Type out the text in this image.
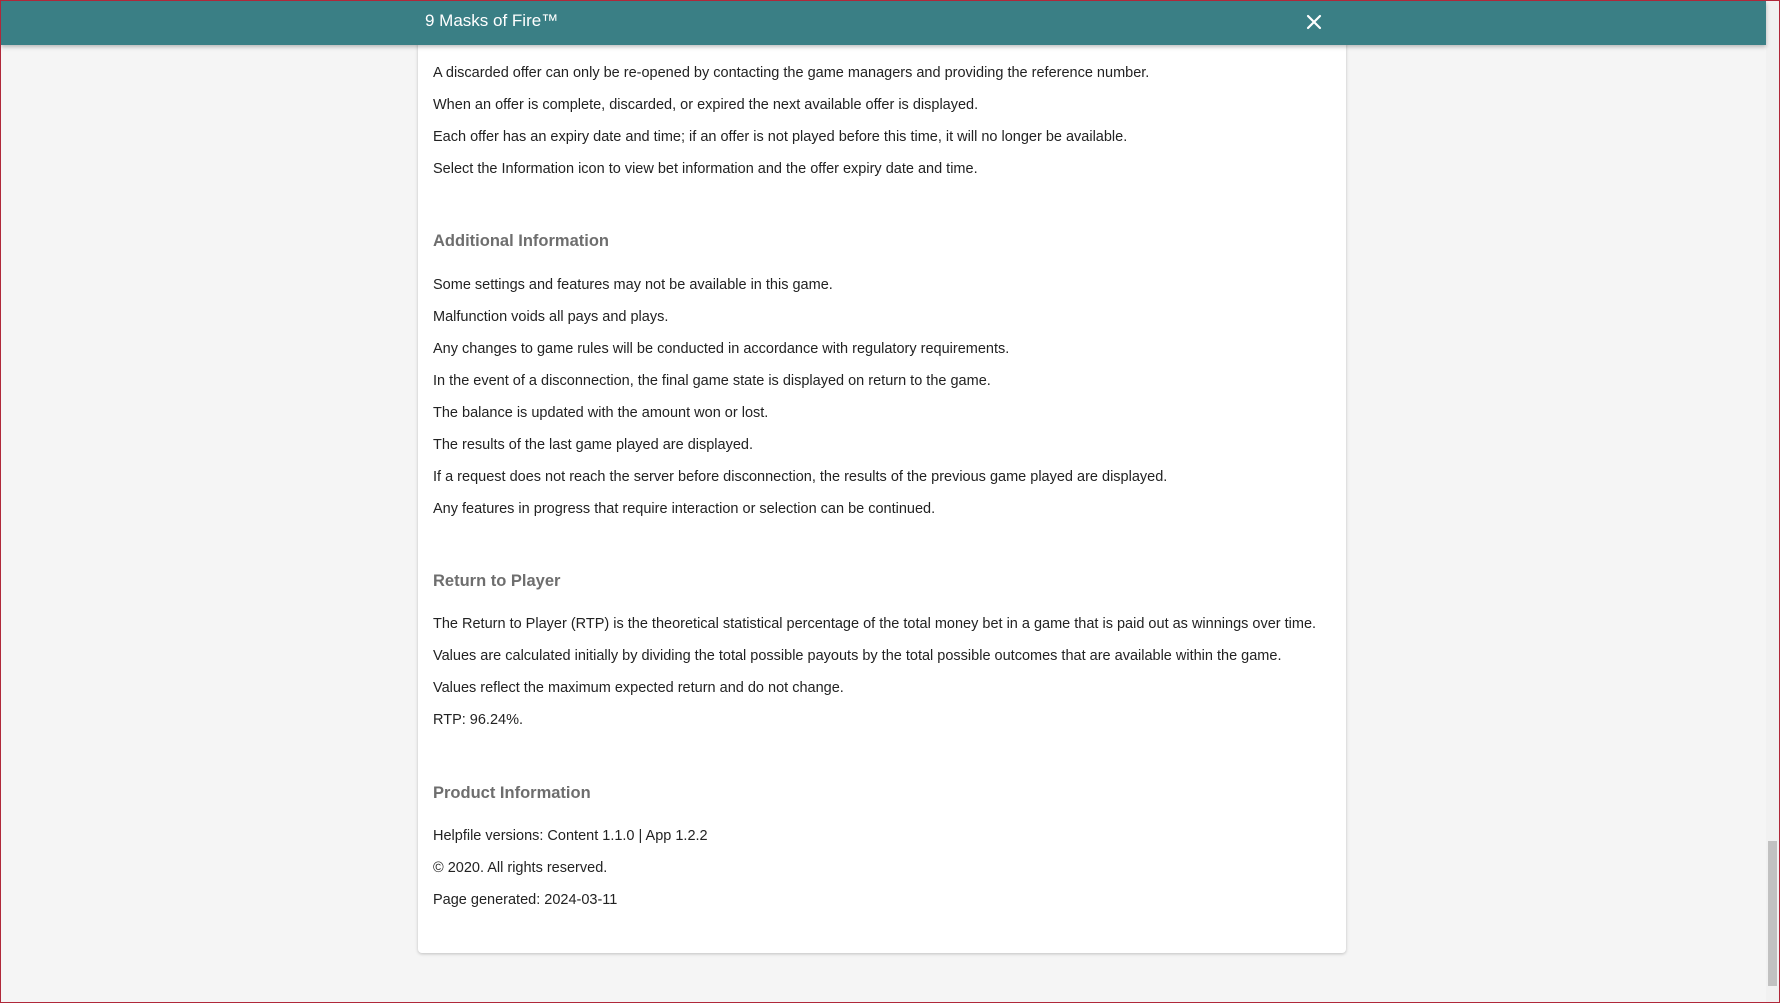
A discarded offer can only be re-opened by contacting the game managers and providing the reference number.
When an offer is complete, discarded, or expired the next available offer is displayed.
Each offer has an expiry date and time; if an offer is not played before this time, it will no longer be available.
Select the Information icon to view bet information and the offer expiry date and time.
Additional Information
Some settings and features may not be available in this game.
Malfunction voids all pays and plays.
Any changes to game rules will be conducted in accordance with regulatory requirements.
In the event of a disconnection, the final game state is displayed on return to the game.
The balance is updated with the amount won or lost.
The results of the last game played are displayed.
If a request does not reach the server before disconnection, the results of the previous game played are displayed.
Any features in progress that require interaction or selection can be continued.
Return to Player
The Return to Player (RTP) is the theoretical statistical percentage of the total money bet in a game that is paid out as winnings over time.
Values are calculated initially by dividing the total possible payouts by the total possible outcomes that are available within the game.
Values reflect the maximum expected return and do not change.
RTP: 96.24%.
Product Information
Helpfile versions: Content 1.1.0 | App 1.2.2
© 2020. All rights reserved.
Page generated: 2024-03-11
9 Masks of Fire™
